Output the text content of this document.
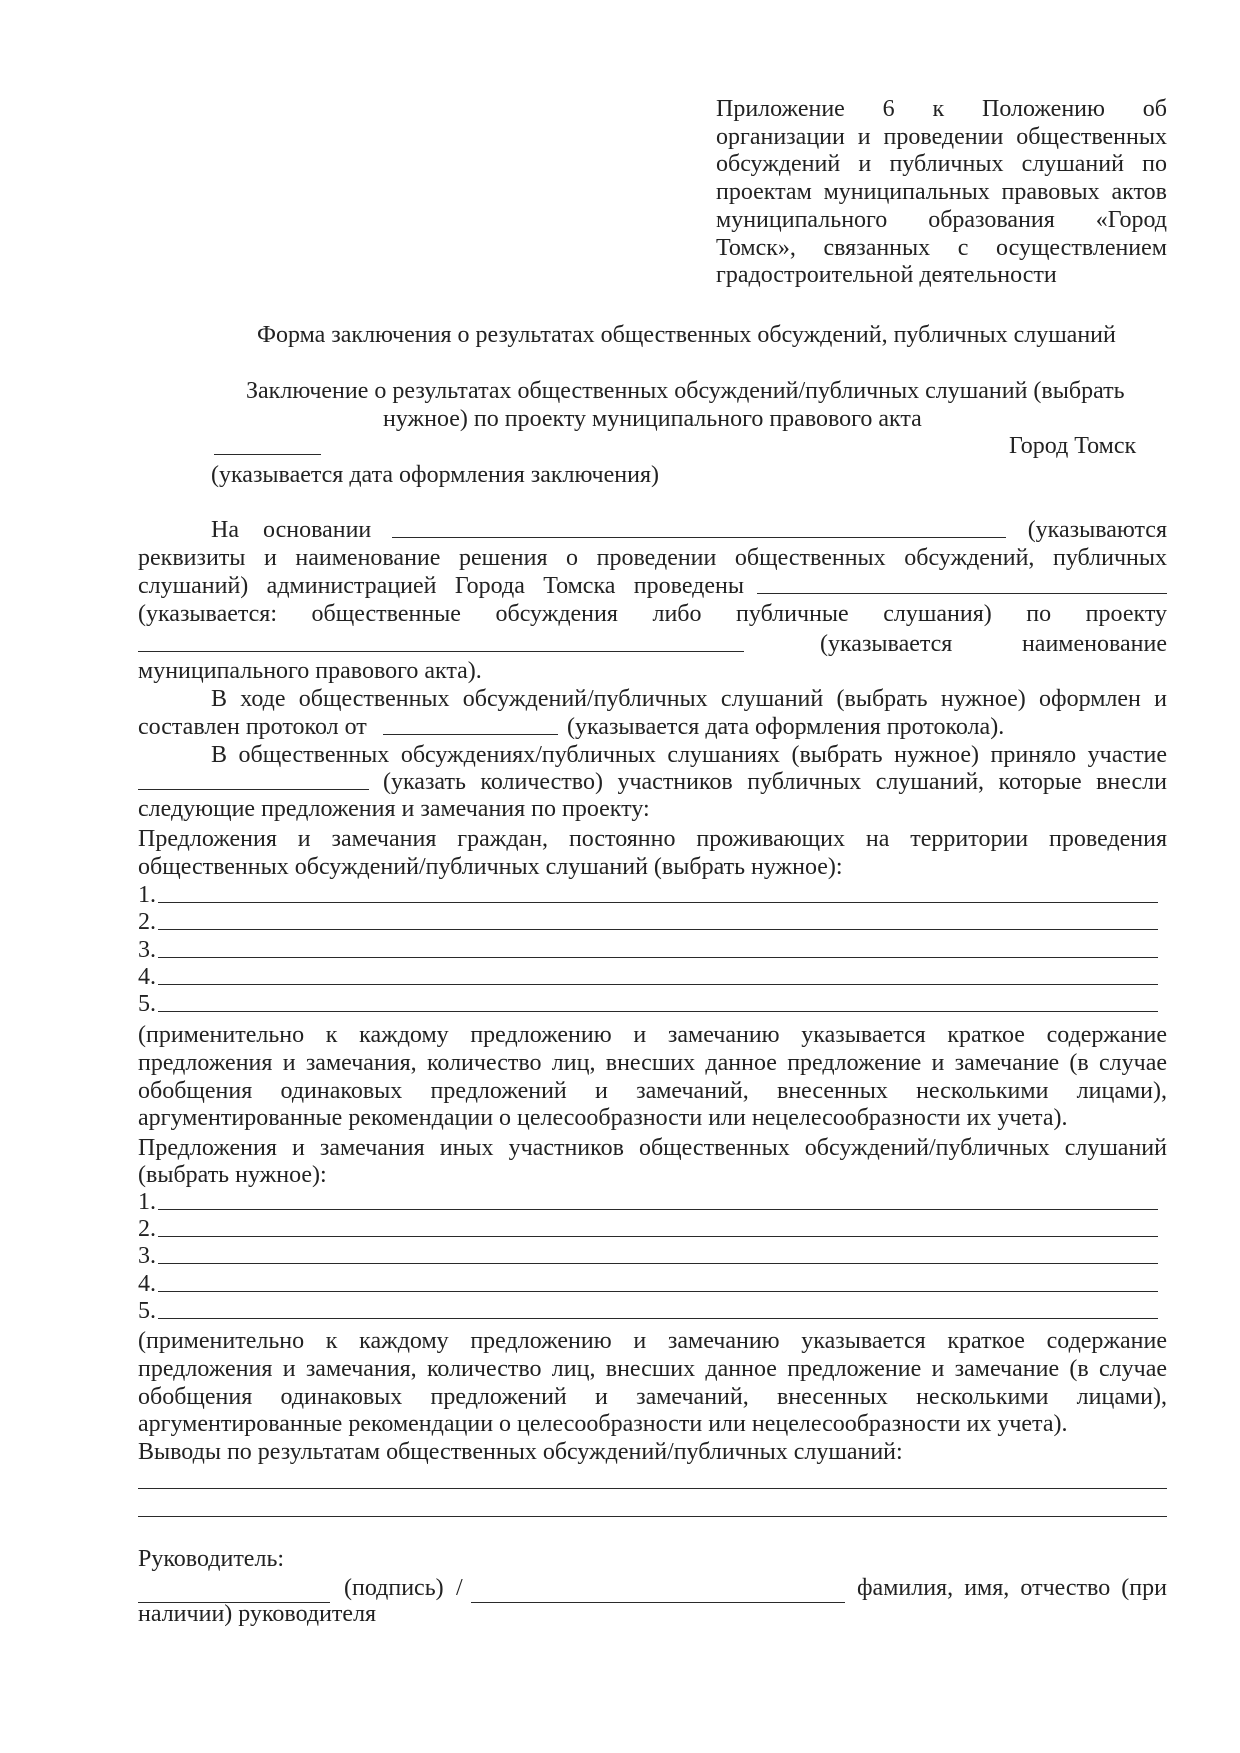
Приложение 6 к Положению об
организации и проведении общественных
обсуждений и публичных слушаний по
проектам муниципальных правовых актов
муниципального образования «Город
Томск», связанных с осуществлением
градостроительной деятельности
Форма заключения о результатах общественных обсуждений, публичных слушаний
Заключение о результатах общественных обсуждений/публичных слушаний (выбрать
нужное) по проекту муниципального правового акта
Город Томск
(указывается дата оформления заключения)
На основании	(указываются
реквизиты и наименование решения о проведении общественных обсуждений, публичных
слушаний) администрацией Города Томска проведены
(указывается: общественные обсуждения либо публичные слушания) по проекту
(указывается наименование
муниципального правового акта).
В ходе общественных обсуждений/публичных слушаний (выбрать нужное) оформлен и
составлен протокол от	(указывается дата оформления протокола).
В общественных обсуждениях/публичных слушаниях (выбрать нужное) приняло участие
(указать количество) участников публичных слушаний, которые внесли
следующие предложения и замечания по проекту:
Предложения и замечания граждан, постоянно проживающих на территории проведения
общественных обсуждений/публичных слушаний (выбрать нужное):
1.
2.
3.
4.
5.
(применительно к каждому предложению и замечанию указывается краткое содержание
предложения и замечания, количество лиц, внесших данное предложение и замечание (в случае
обобщения одинаковых предложений и замечаний, внесенных несколькими лицами),
аргументированные рекомендации о целесообразности или нецелесообразности их учета).
Предложения и замечания иных участников общественных обсуждений/публичных слушаний
(выбрать нужное):
1.
2.
3.
4.
5.
(применительно к каждому предложению и замечанию указывается краткое содержание
предложения и замечания, количество лиц, внесших данное предложение и замечание (в случае
обобщения одинаковых предложений и замечаний, внесенных несколькими лицами),
аргументированные рекомендации о целесообразности или нецелесообразности их учета).
Выводы по результатам общественных обсуждений/публичных слушаний:
Руководитель:
(подпись) /	фамилия, имя, отчество (при
наличии) руководителя
